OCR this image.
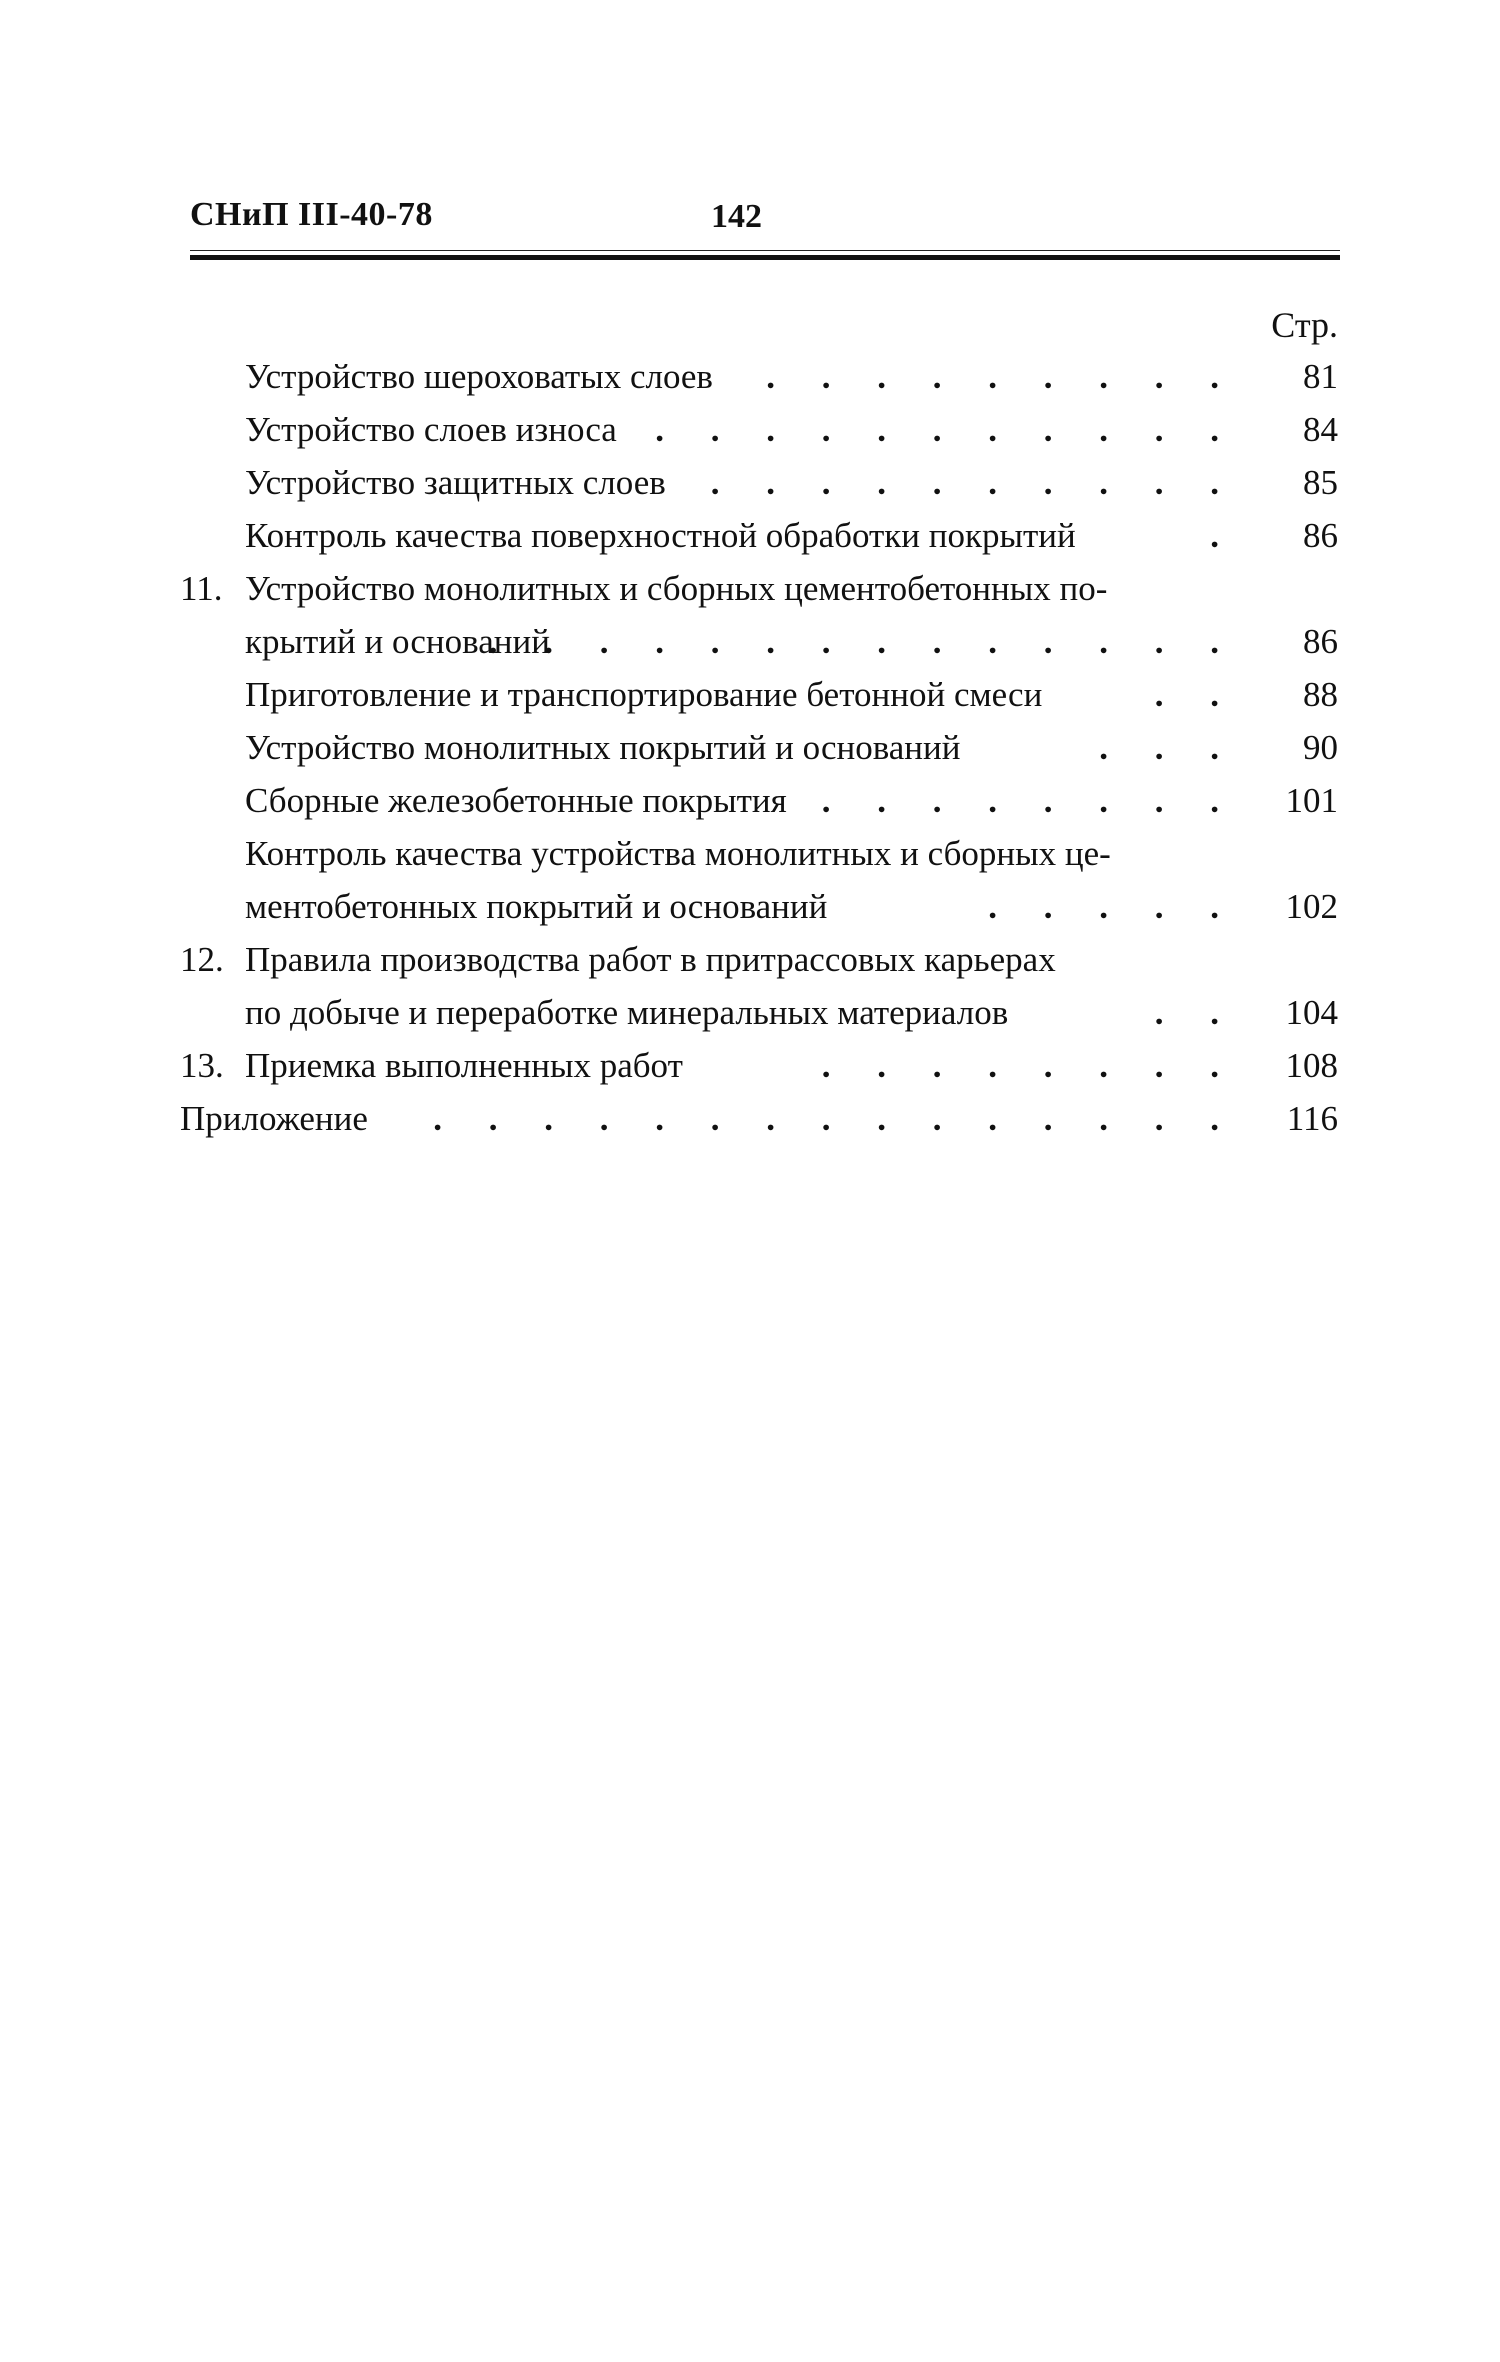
СНиП III-40-78	142
Стр.
Устройство шероховатых слоев . . . . . . . . .	81
Устройство слоев износа . . . . . . . . . . .	84
Устройство защитных слоев . . . . . . . . . .	85
Контроль качества поверхностной обработки покрытий	.	86
11. Устройство монолитных и сборных цементобетонных по-
крытий и оснований
. . . . . . . . . . . . . .	86
Приготовление и транспортирование бетонной смеси	. .	88
Устройство монолитных покрытий и оснований	. . .	90
Сборные железобетонные покрытия . . . . . . . . 101
Контроль качества устройства монолитных и сборных це-
ментобетонных покрытий и оснований	. . . . . 102
12. Правила производства работ в притрассовых карьерах
по добыче и переработке минеральных материалов	. . 104
13. Приемка выполненных работ	. . . . . . . . 108
Приложение . . . . . . . . . . . . . . . 116
